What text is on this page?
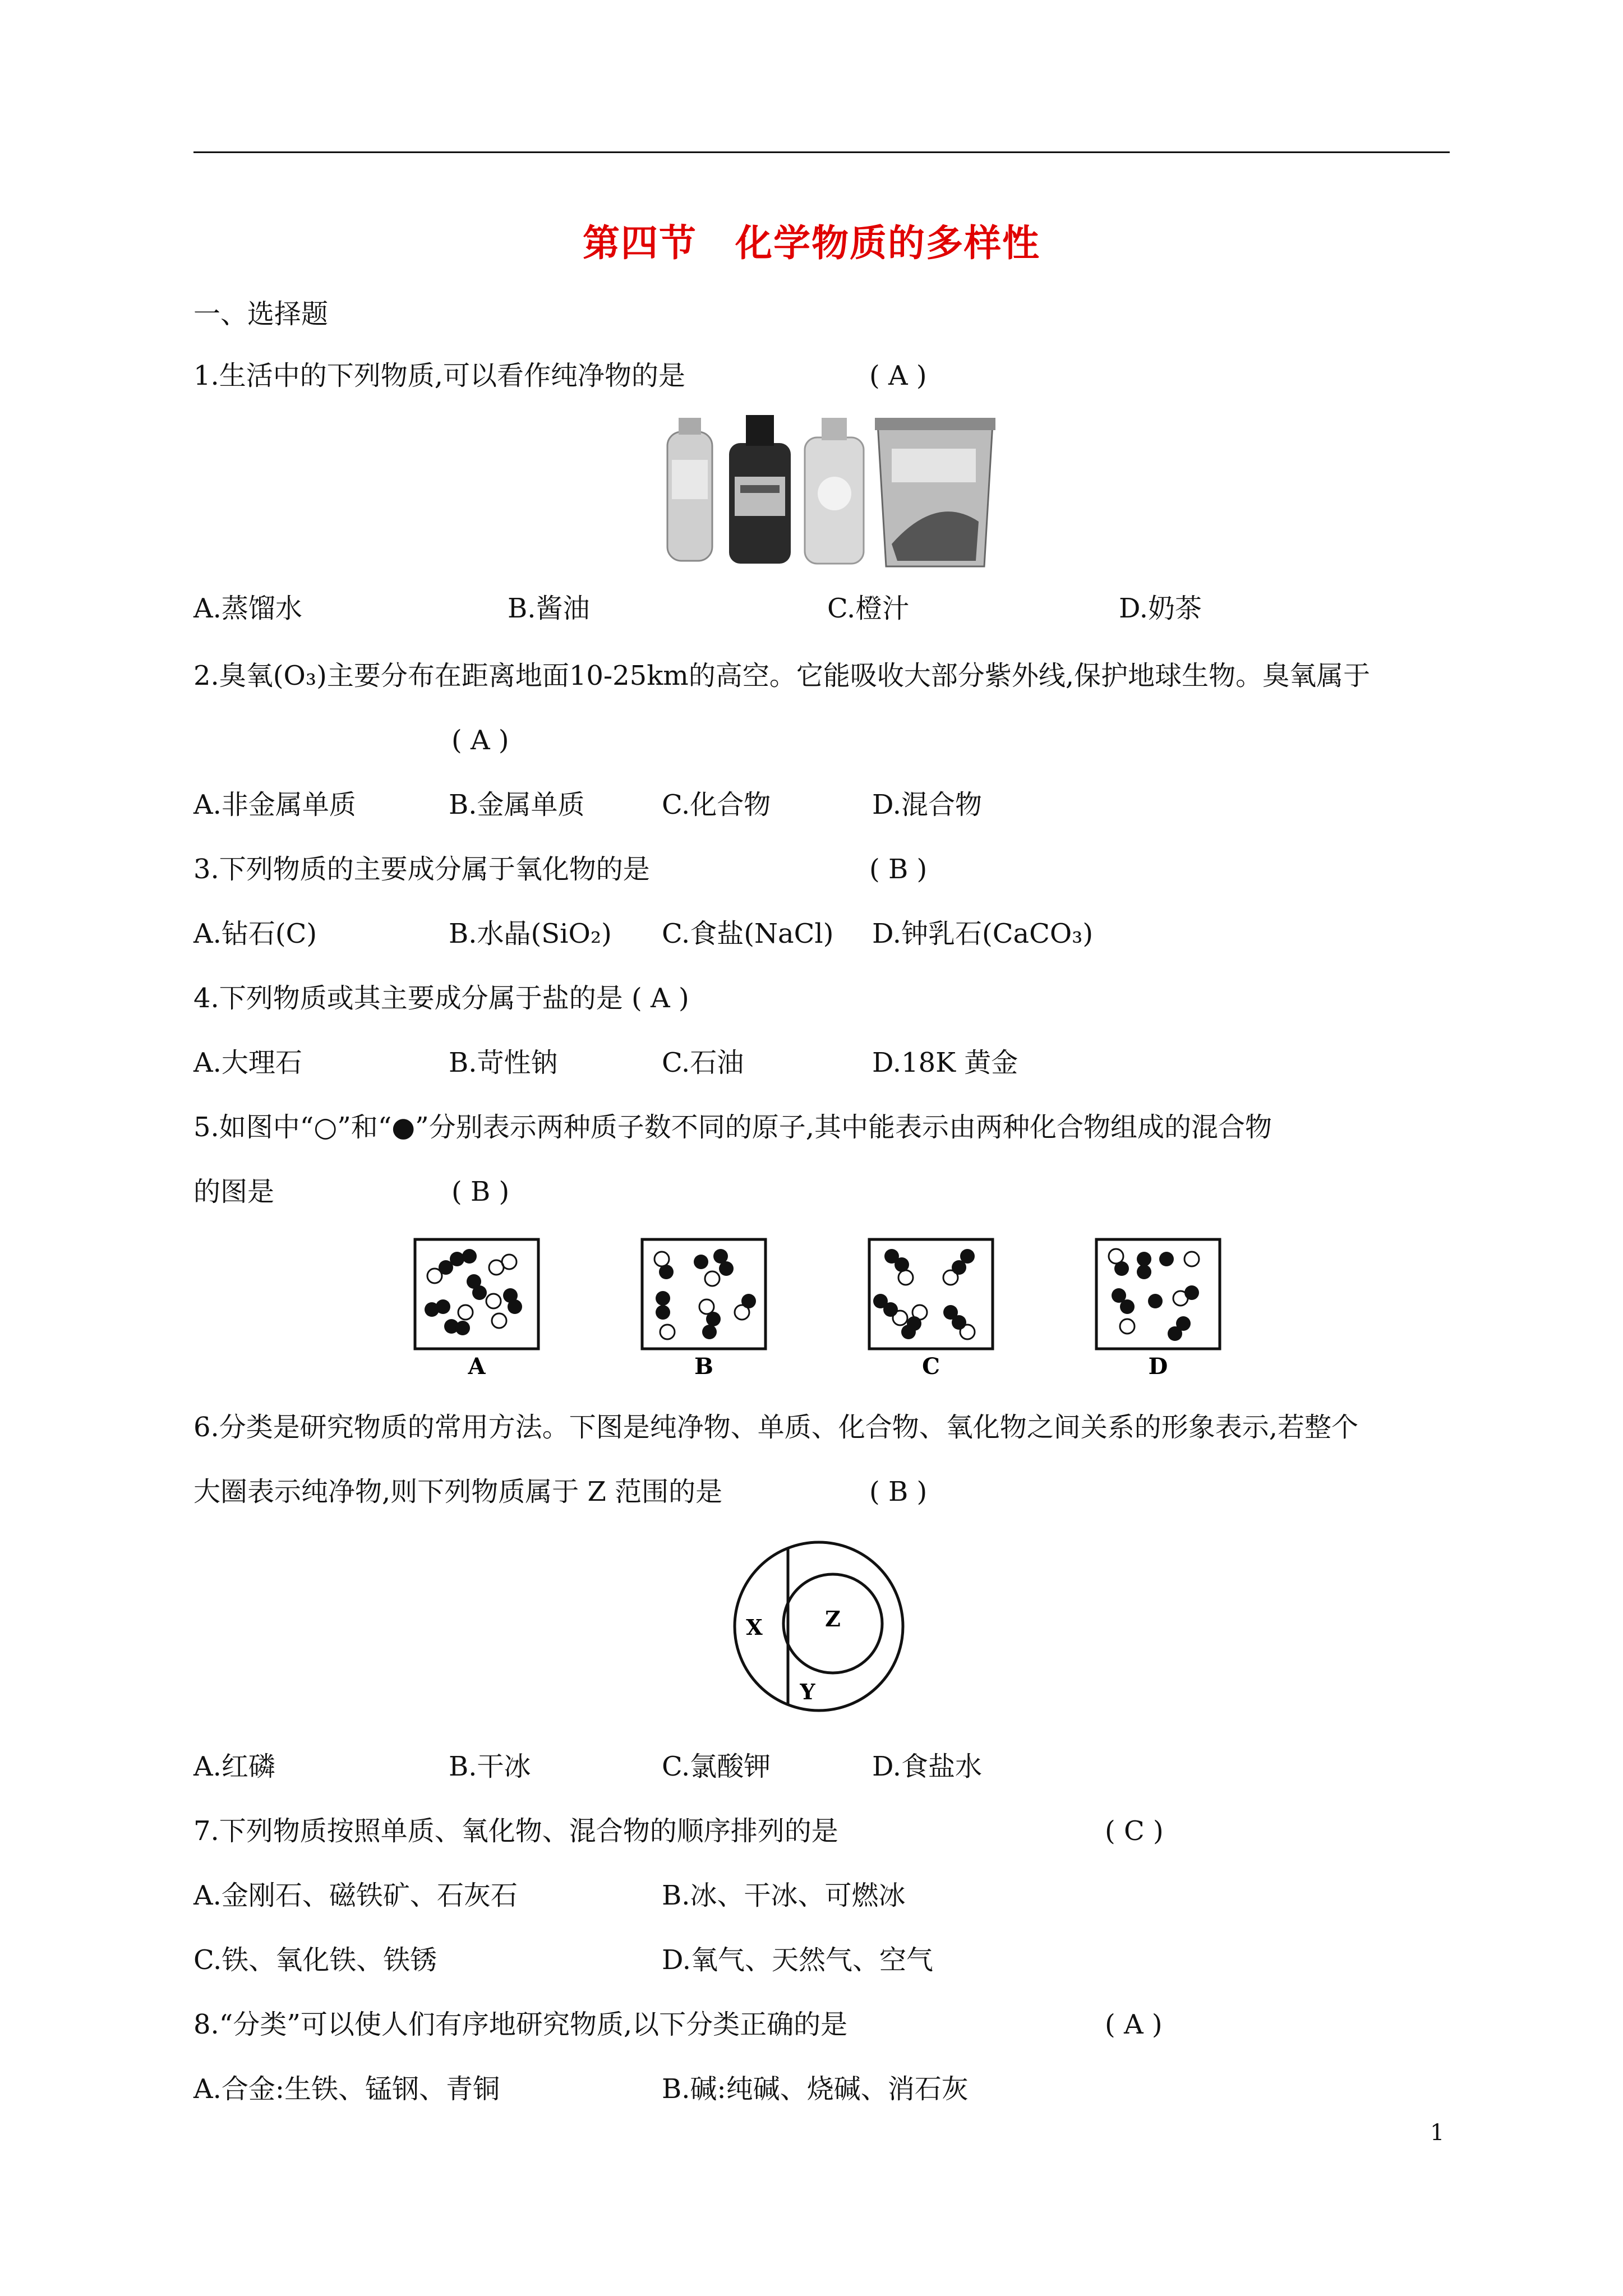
第四节　化学物质的多样性
一、选择题
1.生活中的下列物质,可以看作纯净物的是	( A )
A.蒸馏水	B.酱油	C.橙汁	D.奶茶
2.臭氧(O₃)主要分布在距离地面10-25km的高空。它能吸收大部分紫外线,保护地球生物。臭氧属于
( A )
A.非金属单质	B.金属单质	C.化合物	D.混合物
3.下列物质的主要成分属于氧化物的是	( B )
A.钻石(C)	B.水晶(SiO₂) C.食盐(NaCl) D.钟乳石(CaCO₃)
4.下列物质或其主要成分属于盐的是 ( A )
A.大理石	B.苛性钠	C.石油	D.18K 黄金
5.如图中“○”和“●”分别表示两种质子数不同的原子,其中能表示由两种化合物组成的混合物
的图是	( B )
A	B	C	D
6.分类是研究物质的常用方法。下图是纯净物、单质、化合物、氧化物之间关系的形象表示,若整个
大圈表示纯净物,则下列物质属于 Z 范围的是	( B )
X	Z
Y
A.红磷	B.干冰	C.氯酸钾	D.食盐水
7.下列物质按照单质、氧化物、混合物的顺序排列的是	( C )
A.金刚石、磁铁矿、石灰石	B.冰、干冰、可燃冰
C.铁、氧化铁、铁锈	D.氧气、天然气、空气
8.“分类”可以使人们有序地研究物质,以下分类正确的是	( A )
A.合金:生铁、锰钢、青铜	B.碱:纯碱、烧碱、消石灰
1
